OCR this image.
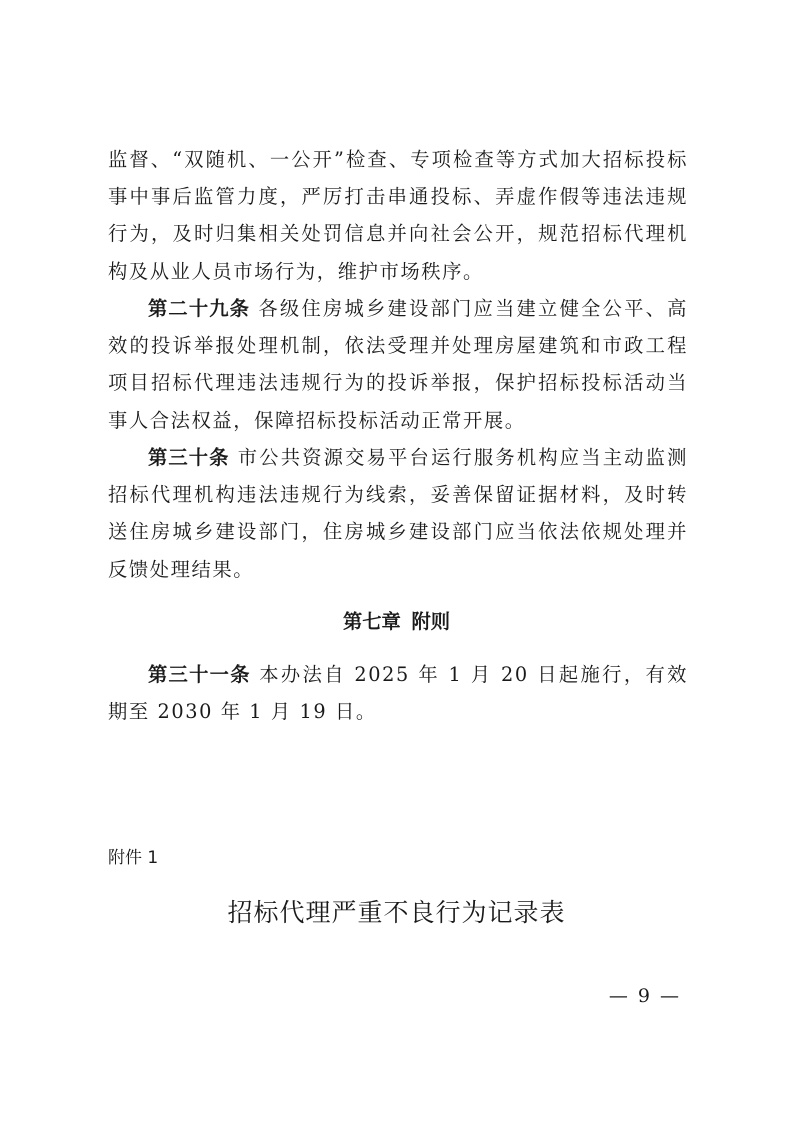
监督、“双随机、一公开”检查、专项检查等方式加大招标投标事中事后监管力度，严厉打击串通投标、弄虚作假等违法违规行为，及时归集相关处罚信息并向社会公开，规范招标代理机构及从业人员市场行为，维护市场秩序。

第二十九条 各级住房城乡建设部门应当建立健全公平、高效的投诉举报处理机制，依法受理并处理房屋建筑和市政工程项目招标代理违法违规行为的投诉举报，保护招标投标活动当事人合法权益，保障招标投标活动正常开展。

第三十条 市公共资源交易平台运行服务机构应当主动监测招标代理机构违法违规行为线索，妥善保留证据材料，及时转送住房城乡建设部门，住房城乡建设部门应当依法依规处理并反馈处理结果。

第七章 附则

第三十一条 本办法自 2025 年 1 月 20 日起施行，有效期至 2030 年 1 月 19 日。

附件 1
招标代理严重不良行为记录表
— 9 —
